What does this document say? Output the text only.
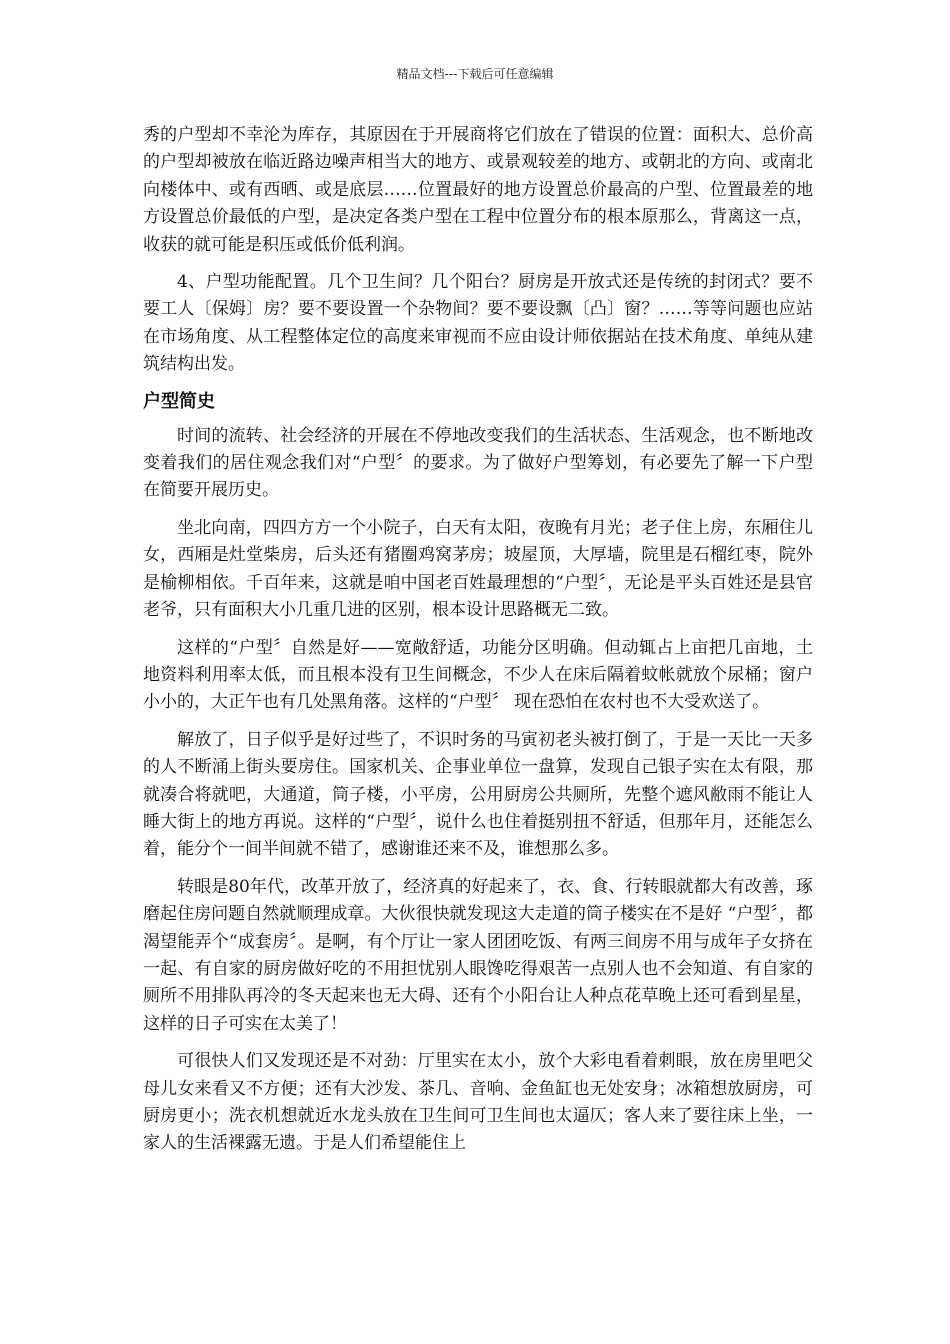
精品文档---下载后可任意编辑

秀的户型却不幸沦为库存，其原因在于开展商将它们放在了错误的位置：面积大、总价高的户型却被放在临近路边噪声相当大的地方、或景观较差的地方、或朝北的方向、或南北向楼体中、或有西晒、或是底层……位置最好的地方设置总价最高的户型、位置最差的地方设置总价最低的户型，是决定各类户型在工程中位置分布的根本原那么，背离这一点，收获的就可能是积压或低价低利润。

4、户型功能配置。几个卫生间？几个阳台？厨房是开放式还是传统的封闭式？要不要工人〔保姆〕房？要不要设置一个杂物间？要不要设飘〔凸〕窗？……等等问题也应站在市场角度、从工程整体定位的高度来审视而不应由设计师依据站在技术角度、单纯从建筑结构出发。

户型简史

时间的流转、社会经济的开展在不停地改变我们的生活状态、生活观念，也不断地改变着我们的居住观念我们对“户型〞的要求。为了做好户型筹划，有必要先了解一下户型在简要开展历史。

坐北向南，四四方方一个小院子，白天有太阳，夜晚有月光；老子住上房，东厢住儿女，西厢是灶堂柴房，后头还有猪圈鸡窝茅房；坡屋顶，大厚墙，院里是石榴红枣，院外是榆柳相依。千百年来，这就是咱中国老百姓最理想的“户型〞，无论是平头百姓还是县官老爷，只有面积大小几重几进的区别，根本设计思路概无二致。

这样的“户型〞自然是好——宽敞舒适，功能分区明确。但动辄占上亩把几亩地，土地资料利用率太低，而且根本没有卫生间概念，不少人在床后隔着蚊帐就放个尿桶；窗户小小的，大正午也有几处黑角落。这样的“户型〞 现在恐怕在农村也不大受欢送了。

解放了，日子似乎是好过些了，不识时务的马寅初老头被打倒了，于是一天比一天多的人不断涌上街头要房住。国家机关、企事业单位一盘算，发现自己银子实在太有限，那就凑合将就吧，大通道，筒子楼，小平房，公用厨房公共厕所，先整个遮风敝雨不能让人睡大街上的地方再说。这样的“户型〞，说什么也住着挺别扭不舒适，但那年月，还能怎么着，能分个一间半间就不错了，感谢谁还来不及，谁想那么多。

转眼是80年代，改革开放了，经济真的好起来了，衣、食、行转眼就都大有改善，琢磨起住房问题自然就顺理成章。大伙很快就发现这大走道的筒子楼实在不是好 “户型〞，都渴望能弄个“成套房〞。是啊，有个厅让一家人团团吃饭、有两三间房不用与成年子女挤在一起、有自家的厨房做好吃的不用担忧别人眼馋吃得艰苦一点别人也不会知道、有自家的厕所不用排队再冷的冬天起来也无大碍、还有个小阳台让人种点花草晚上还可看到星星，这样的日子可实在太美了！

可很快人们又发现还是不对劲：厅里实在太小，放个大彩电看着刺眼，放在房里吧父母儿女来看又不方便；还有大沙发、茶几、音响、金鱼缸也无处安身；冰箱想放厨房，可厨房更小；洗衣机想就近水龙头放在卫生间可卫生间也太逼仄；客人来了要往床上坐，一家人的生活裸露无遗。于是人们希望能住上
